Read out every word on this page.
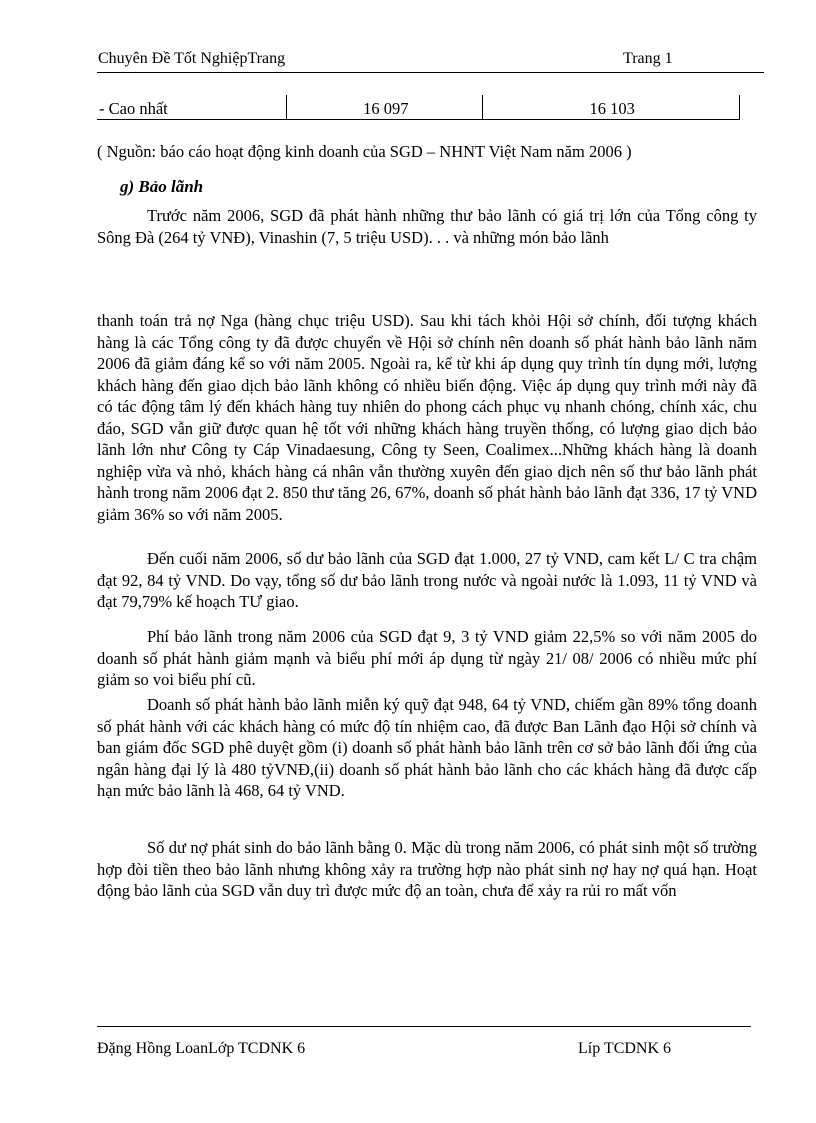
Chuyên Đề Tốt NghiệpTrang	Trang 1
- Cao nhất	16 097	16 103
( Nguồn: báo cáo hoạt động kinh doanh của SGD – NHNT Việt Nam năm 2006 )
g) Bảo lãnh

Trước năm 2006, SGD đã phát hành những thư bảo lãnh có giá trị lớn của Tổng công ty Sông Đà (264 tỷ VNĐ), Vinashin (7, 5 triệu USD). . . và những món bảo lãnh

thanh toán trả nợ Nga (hàng chục triệu USD). Sau khi tách khỏi Hội sở chính, đối tượng khách hàng là các Tổng công ty đã được chuyển về Hội sở chính nên doanh số phát hành bảo lãnh năm 2006 đã giảm đáng kể so với năm 2005. Ngoài ra, kể từ khi áp dụng quy trình tín dụng mới, lượng khách hàng đến giao dịch bảo lãnh không có nhiều biến động. Việc áp dụng quy trình mới này đã có tác động tâm lý đến khách hàng tuy nhiên do phong cách phục vụ nhanh chóng, chính xác, chu đáo, SGD vẫn giữ được quan hệ tốt với những khách hàng truyền thống, có lượng giao dịch bảo lãnh lớn như Công ty Cáp Vinadaesung, Công ty Seen, Coalimex...Những khách hàng là doanh nghiệp vừa và nhỏ, khách hàng cá nhân vẫn thường xuyên đến giao dịch nên số thư bảo lãnh phát hành trong năm 2006 đạt 2. 850 thư tăng 26, 67%, doanh số phát hành bảo lãnh đạt 336, 17 tỷ VND giảm 36% so với năm 2005.

Đến cuối năm 2006, số dư bảo lãnh của SGD đạt 1.000, 27 tỷ VND, cam kết L/ C tra chậm đạt 92, 84 tỷ VND. Do vạy, tổng số dư bảo lãnh trong nước và ngoài nước là 1.093, 11 tỷ VND và đạt 79,79% kế hoạch TƯ giao.

Phí bảo lãnh trong năm 2006 của SGD đạt 9, 3 tỷ VND giảm 22,5% so với năm 2005 do doanh số phát hành giảm mạnh và biểu phí mới áp dụng từ ngày 21/ 08/ 2006 có nhiều mức phí giảm so voi biểu phí cũ.

Doanh số phát hành bảo lãnh miễn ký quỹ đạt 948, 64 tỷ VND, chiếm gần 89% tổng doanh số phát hành với các khách hàng có mức độ tín nhiệm cao, đã được Ban Lãnh đạo Hội sở chính và ban giám đốc SGD phê duyệt gồm (i) doanh số phát hành bảo lãnh trên cơ sở bảo lãnh đối ứng của ngân hàng đại lý là 480 tỷVNĐ,(ii) doanh số phát hành bảo lãnh cho các khách hàng đã được cấp hạn mức bảo lãnh là 468, 64 tỷ VND.

Số dư nợ phát sinh do bảo lãnh bằng 0. Mặc dù trong năm 2006, có phát sinh một số trường hợp đòi tiền theo bảo lãnh nhưng không xảy ra trường hợp nào phát sinh nợ hay nợ quá hạn. Hoạt động bảo lãnh của SGD vẫn duy trì được mức độ an toàn, chưa để xảy ra rủi ro mất vốn

Đặng Hồng LoanLớp TCDNK 6	Líp TCDNK 6
